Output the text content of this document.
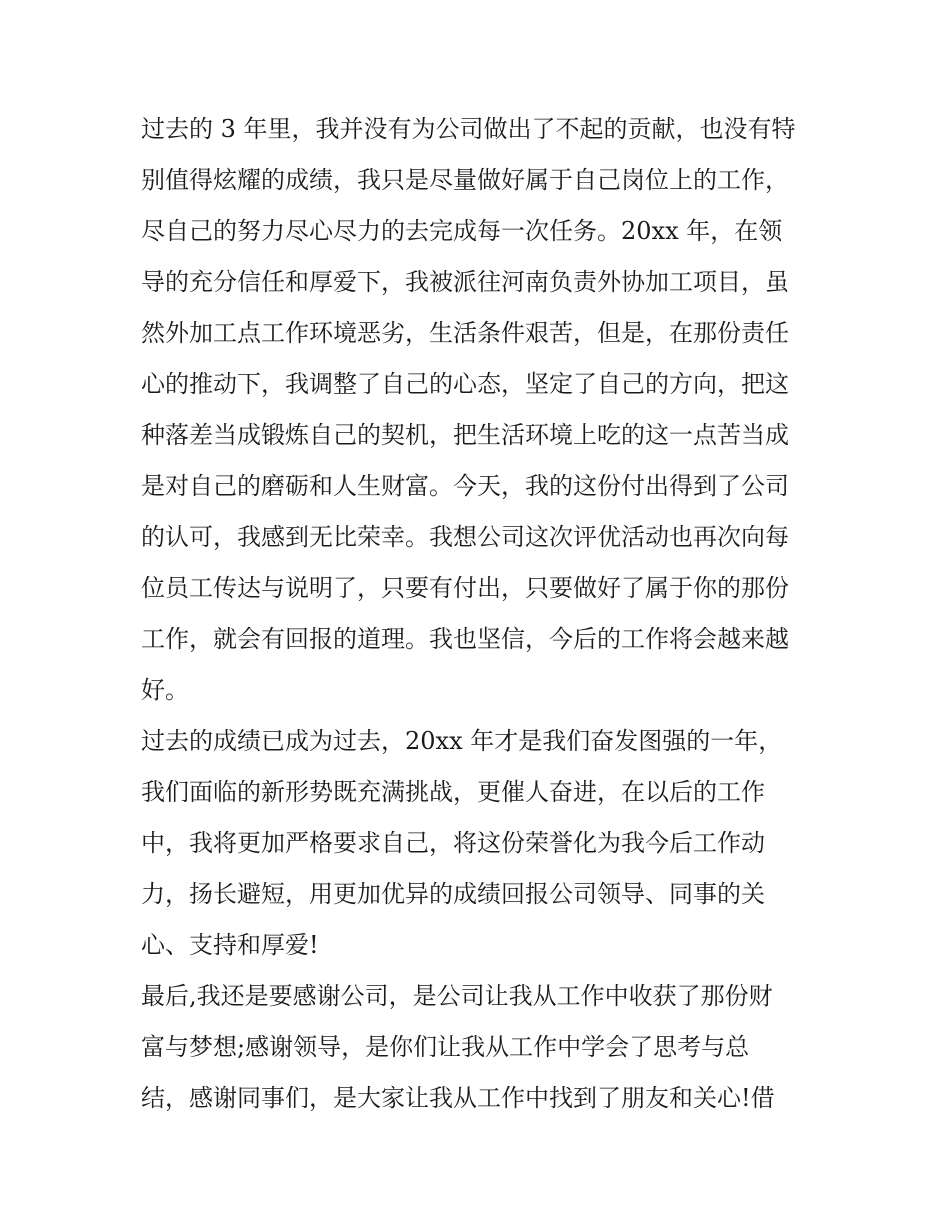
过去的 3 年里，我并没有为公司做出了不起的贡献，也没有特
别值得炫耀的成绩，我只是尽量做好属于自己岗位上的工作，
尽自己的努力尽心尽力的去完成每一次任务。20xx 年，在领
导的充分信任和厚爱下，我被派往河南负责外协加工项目，虽
然外加工点工作环境恶劣，生活条件艰苦，但是，在那份责任
心的推动下，我调整了自己的心态，坚定了自己的方向，把这
种落差当成锻炼自己的契机，把生活环境上吃的这一点苦当成
是对自己的磨砺和人生财富。今天，我的这份付出得到了公司
的认可，我感到无比荣幸。我想公司这次评优活动也再次向每
位员工传达与说明了，只要有付出，只要做好了属于你的那份
工作，就会有回报的道理。我也坚信，今后的工作将会越来越
好。
过去的成绩已成为过去，20xx 年才是我们奋发图强的一年，
我们面临的新形势既充满挑战，更催人奋进，在以后的工作
中，我将更加严格要求自己，将这份荣誉化为我今后工作动
力，扬长避短，用更加优异的成绩回报公司领导、同事的关
心、支持和厚爱!
最后,我还是要感谢公司，是公司让我从工作中收获了那份财
富与梦想;感谢领导，是你们让我从工作中学会了思考与总
结，感谢同事们，是大家让我从工作中找到了朋友和关心!借
